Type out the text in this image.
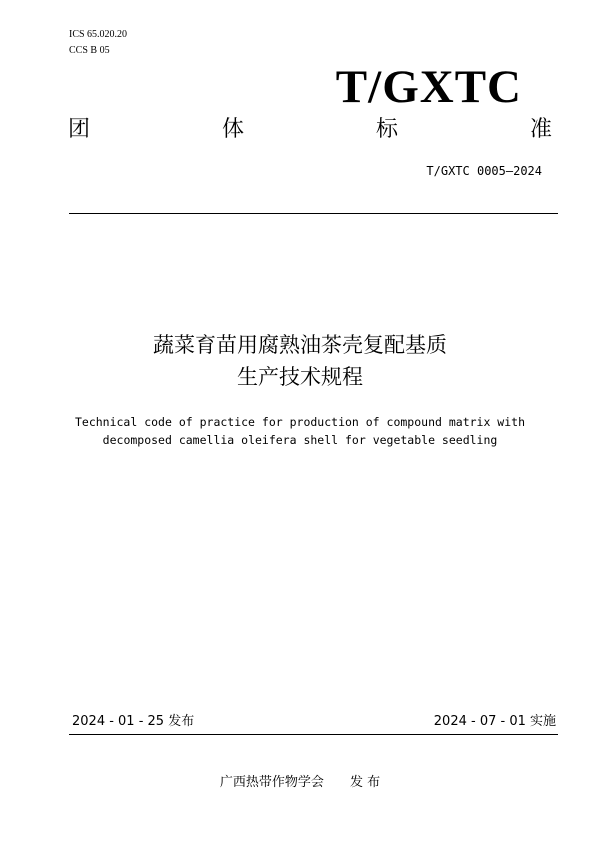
ICS 65.020.20
CCS B 05
T/GXTC
团	体	标	准
T/GXTC 0005—2024
蔬菜育苗用腐熟油茶壳复配基质
生产技术规程
Technical code of practice for production of compound matrix with
decomposed camellia oleifera shell for vegetable seedling
2024 - 01 - 25 发布	2024 - 07 - 01 实施
广西热带作物学会 发 布
